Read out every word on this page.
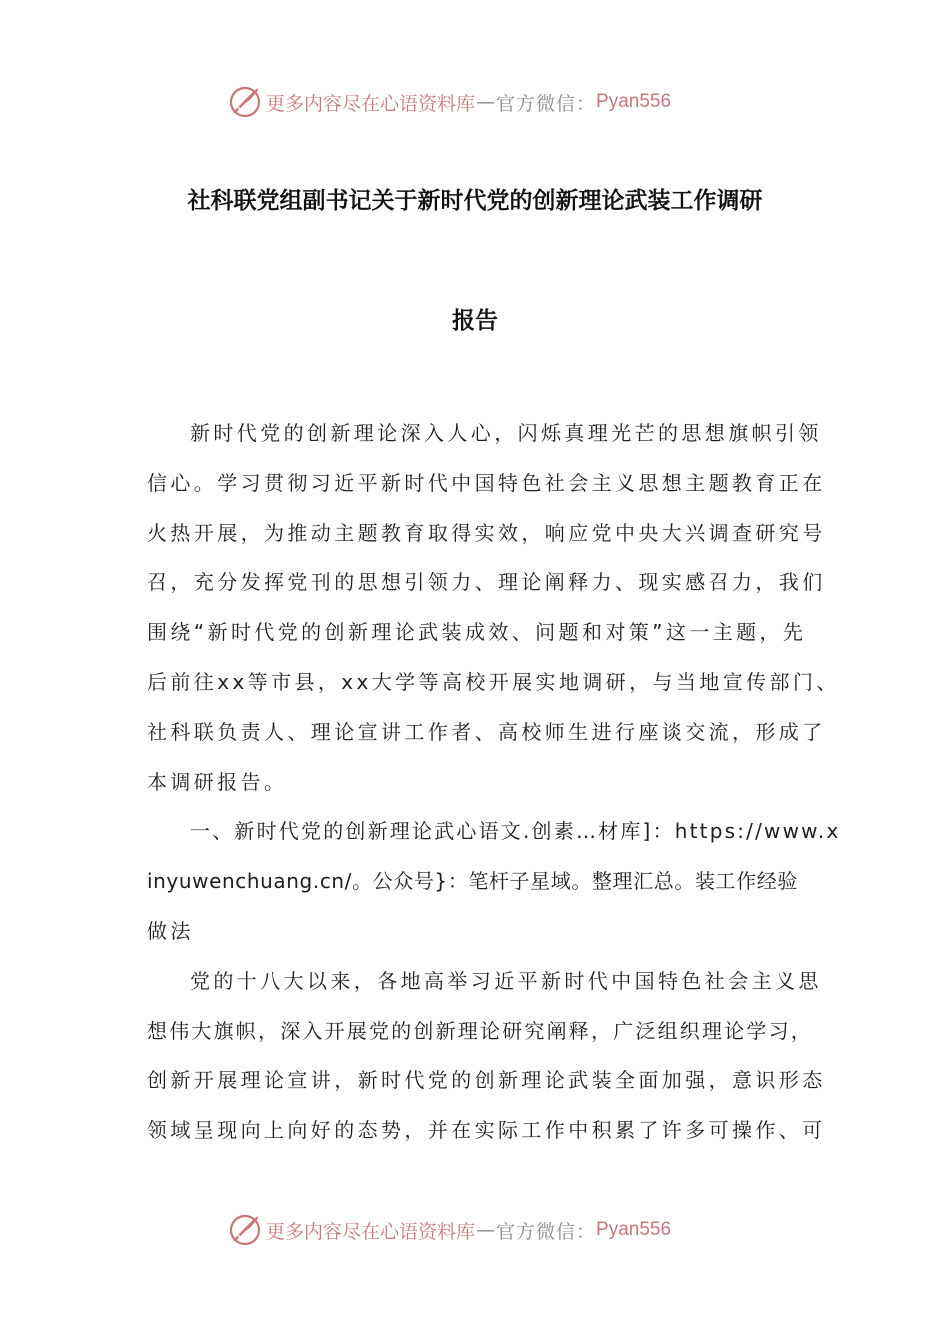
更多内容尽在心语资料库 — 官方微信： Pyan556
社科联党组副书记关于新时代党的创新理论武装工作调研
报告
新时代党的创新理论深入人心，闪烁真理光芒的思想旗帜引领
信心。学习贯彻习近平新时代中国特色社会主义思想主题教育正在
火热开展，为推动主题教育取得实效，响应党中央大兴调查研究号
召，充分发挥党刊的思想引领力、理论阐释力、现实感召力，我们
围绕“新时代党的创新理论武装成效、问题和对策”这一主题，先
后前往xx等市县，xx大学等高校开展实地调研，与当地宣传部门、
社科联负责人、理论宣讲工作者、高校师生进行座谈交流，形成了
本调研报告。
一、新时代党的创新理论武心语文.创素…材库]：https://www.x
inyuwenchuang.cn/。公众号}：笔杆子星域。整理汇总。装工作经验
做法
党的十八大以来，各地高举习近平新时代中国特色社会主义思
想伟大旗帜，深入开展党的创新理论研究阐释，广泛组织理论学习，
创新开展理论宣讲，新时代党的创新理论武装全面加强，意识形态
领域呈现向上向好的态势，并在实际工作中积累了许多可操作、可
更多内容尽在心语资料库 — 官方微信： Pyan556
